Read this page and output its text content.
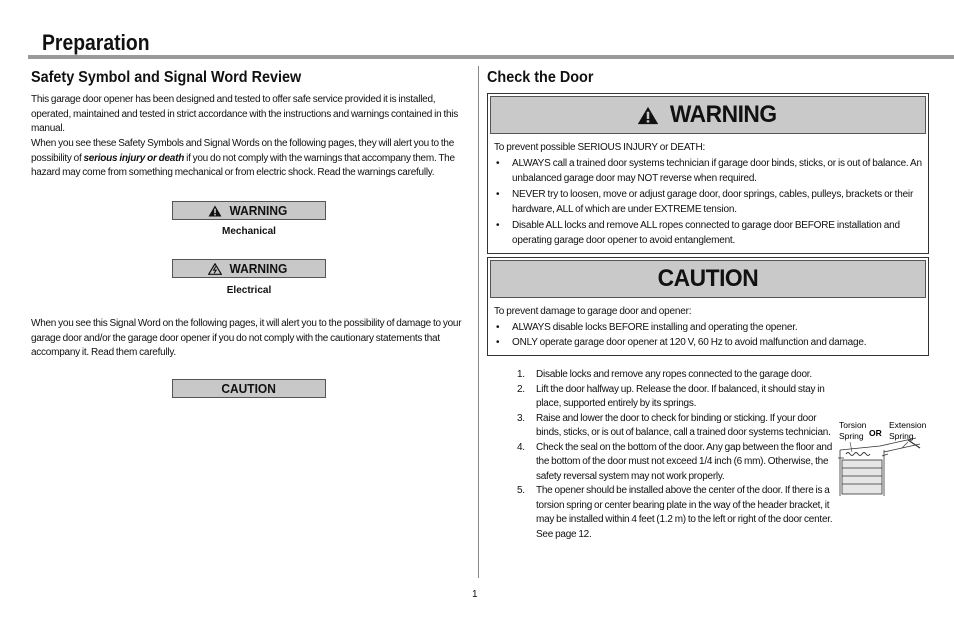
Preparation
Safety Symbol and Signal Word Review
This garage door opener has been designed and tested to offer safe service provided it is installed, operated, maintained and tested in strict accordance with the instructions and warnings contained in this manual.
When you see these Safety Symbols and Signal Words on the following pages, they will alert you to the possibility of serious injury or death if you do not comply with the warnings that accompany them. The hazard may come from something mechanical or from electric shock. Read the warnings carefully.
WARNING
Mechanical
WARNING
Electrical
When you see this Signal Word on the following pages, it will alert you to the possibility of damage to your garage door and/or the garage door opener if you do not comply with the cautionary statements that accompany it. Read them carefully.
CAUTION
Check the Door
WARNING
To prevent possible SERIOUS INJURY or DEATH:
• ALWAYS call a trained door systems technician if garage door binds, sticks, or is out of balance. An unbalanced garage door may NOT reverse when required.
• NEVER try to loosen, move or adjust garage door, door springs, cables, pulleys, brackets or their hardware, ALL of which are under EXTREME tension.
• Disable ALL locks and remove ALL ropes connected to garage door BEFORE installation and operating garage door opener to avoid entanglement.
CAUTION
To prevent damage to garage door and opener:
• ALWAYS disable locks BEFORE installing and operating the opener.
• ONLY operate garage door opener at 120 V, 60 Hz to avoid malfunction and damage.
1. Disable locks and remove any ropes connected to the garage door.
2. Lift the door halfway up. Release the door. If balanced, it should stay in place, supported entirely by its springs.
3. Raise and lower the door to check for binding or sticking. If your door binds, sticks, or is out of balance, call a trained door systems technician.
4. Check the seal on the bottom of the door. Any gap between the floor and the bottom of the door must not exceed 1/4 inch (6 mm). Otherwise, the safety reversal system may not work properly.
5. The opener should be installed above the center of the door. If there is a torsion spring or center bearing plate in the way of the header bracket, it may be installed within 4 feet (1.2 m) to the left or right of the door center. See page 12.
Torsion
Spring OR
Extension
Spring
1
